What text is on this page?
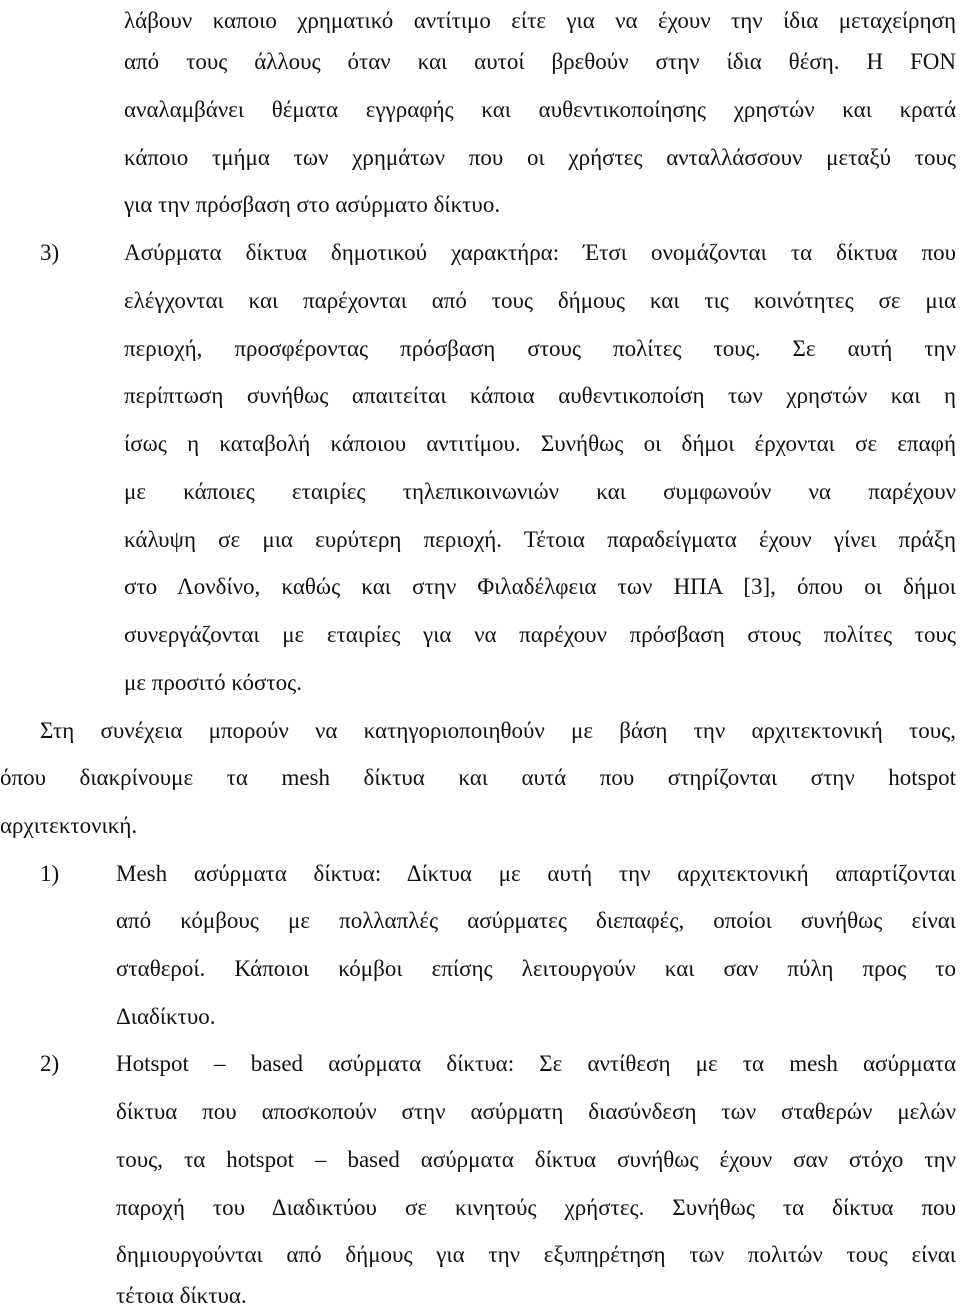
λάβουν καποιο χρηματικό αντίτιμο είτε για να έχουν την ίδια μεταχείρηση
από τους άλλους όταν και αυτοί βρεθούν στην ίδια θέση. Η FON
αναλαμβάνει θέματα εγγραφής και αυθεντικοποίησης χρηστών και κρατά
κάποιο τμήμα των χρημάτων που οι χρήστες ανταλλάσσουν μεταξύ τους
για την πρόσβαση στο ασύρματο δίκτυο.
3)	Ασύρματα δίκτυα δημοτικού χαρακτήρα: Έτσι ονομάζονται τα δίκτυα που
ελέγχονται και παρέχονται από τους δήμους και τις κοινότητες σε μια
περιοχή, προσφέροντας πρόσβαση στους πολίτες τους. Σε αυτή την
περίπτωση συνήθως απαιτείται κάποια αυθεντικοποίση των χρηστών και η
ίσως η καταβολή κάποιου αντιτίμου. Συνήθως οι δήμοι έρχονται σε επαφή
με κάποιες εταιρίες τηλεπικοινωνιών και συμφωνούν να παρέχουν
κάλυψη σε μια ευρύτερη περιοχή. Τέτοια παραδείγματα έχουν γίνει πράξη
στο Λονδίνο, καθώς και στην Φιλαδέλφεια των ΗΠΑ [3], όπου οι δήμοι
συνεργάζονται με εταιρίες για να παρέχουν πρόσβαση στους πολίτες τους
με προσιτό κόστος.
Στη συνέχεια μπορούν να κατηγοριοποιηθούν με βάση την αρχιτεκτονική τους,
όπου διακρίνουμε τα mesh δίκτυα και αυτά που στηρίζονται στην hotspot
αρχιτεκτονική.
1) Mesh ασύρματα δίκτυα: Δίκτυα με αυτή την αρχιτεκτονική απαρτίζονται
από κόμβους με πολλαπλές ασύρματες διεπαφές, οποίοι συνήθως είναι
σταθεροί. Κάποιοι κόμβοι επίσης λειτουργούν και σαν πύλη προς το
Διαδίκτυο.
2) Hotspot – based ασύρματα δίκτυα: Σε αντίθεση με τα mesh ασύρματα
δίκτυα που αποσκοπούν στην ασύρματη διασύνδεση των σταθερών μελών
τους, τα hotspot – based ασύρματα δίκτυα συνήθως έχουν σαν στόχο την
παροχή του Διαδικτύου σε κινητούς χρήστες. Συνήθως τα δίκτυα που
δημιουργούνται από δήμους για την εξυπηρέτηση των πολιτών τους είναι
τέτοια δίκτυα.
